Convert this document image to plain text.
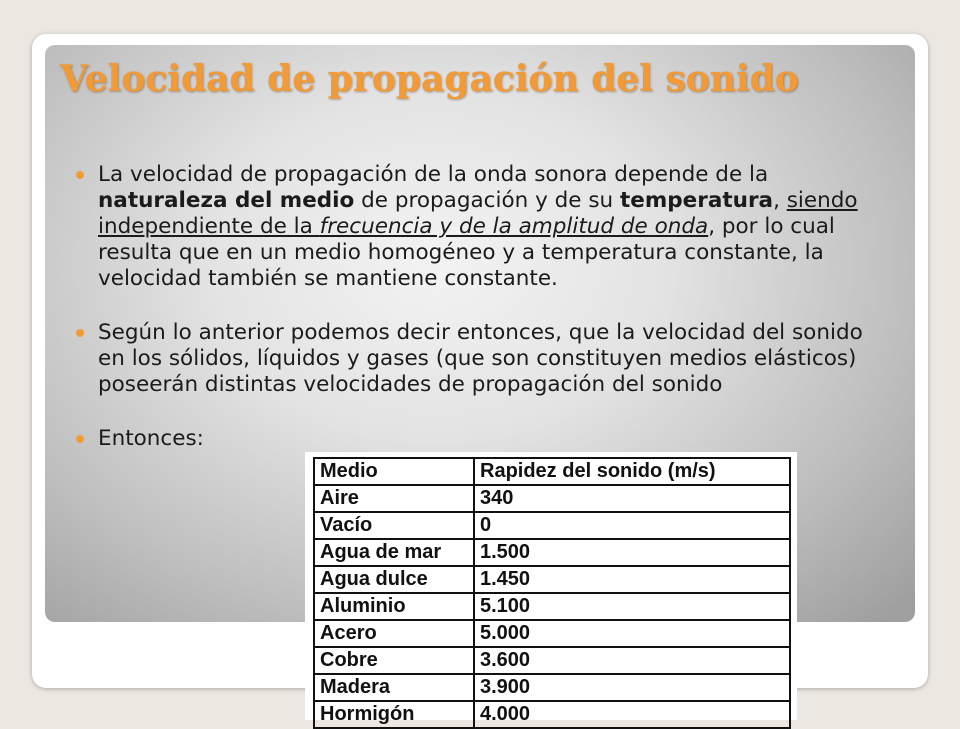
Velocidad de propagación del sonido
La velocidad de propagación de la onda sonora depende de la naturaleza del medio de propagación y de su temperatura, siendo independiente de la frecuencia y de la amplitud de onda, por lo cual resulta que en un medio homogéneo y a temperatura constante, la velocidad también se mantiene constante.
Según lo anterior podemos decir entonces, que la velocidad del sonido en los sólidos, líquidos y gases (que son constituyen medios elásticos) poseerán distintas velocidades de propagación del sonido
Entonces:
Medio	Rapidez del sonido (m/s)
Aire	340
Vacío	0
Agua de mar	1.500
Agua dulce	1.450
Aluminio	5.100
Acero	5.000
Cobre	3.600
Madera	3.900
Hormigón	4.000
